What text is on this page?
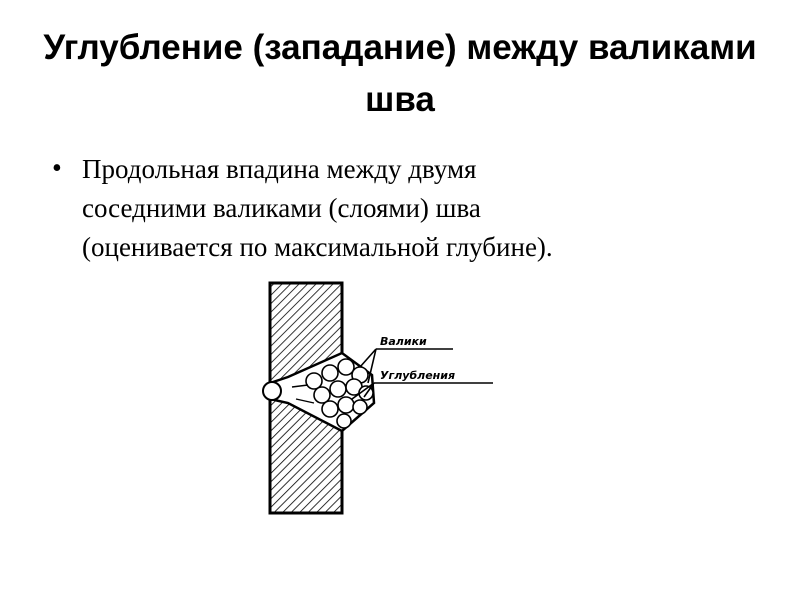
Углубление (западание) между валиками шва
• Продольная впадина между двумя
соседними валиками (слоями) шва
(оценивается по максимальной глубине).
Валики
Углубления
